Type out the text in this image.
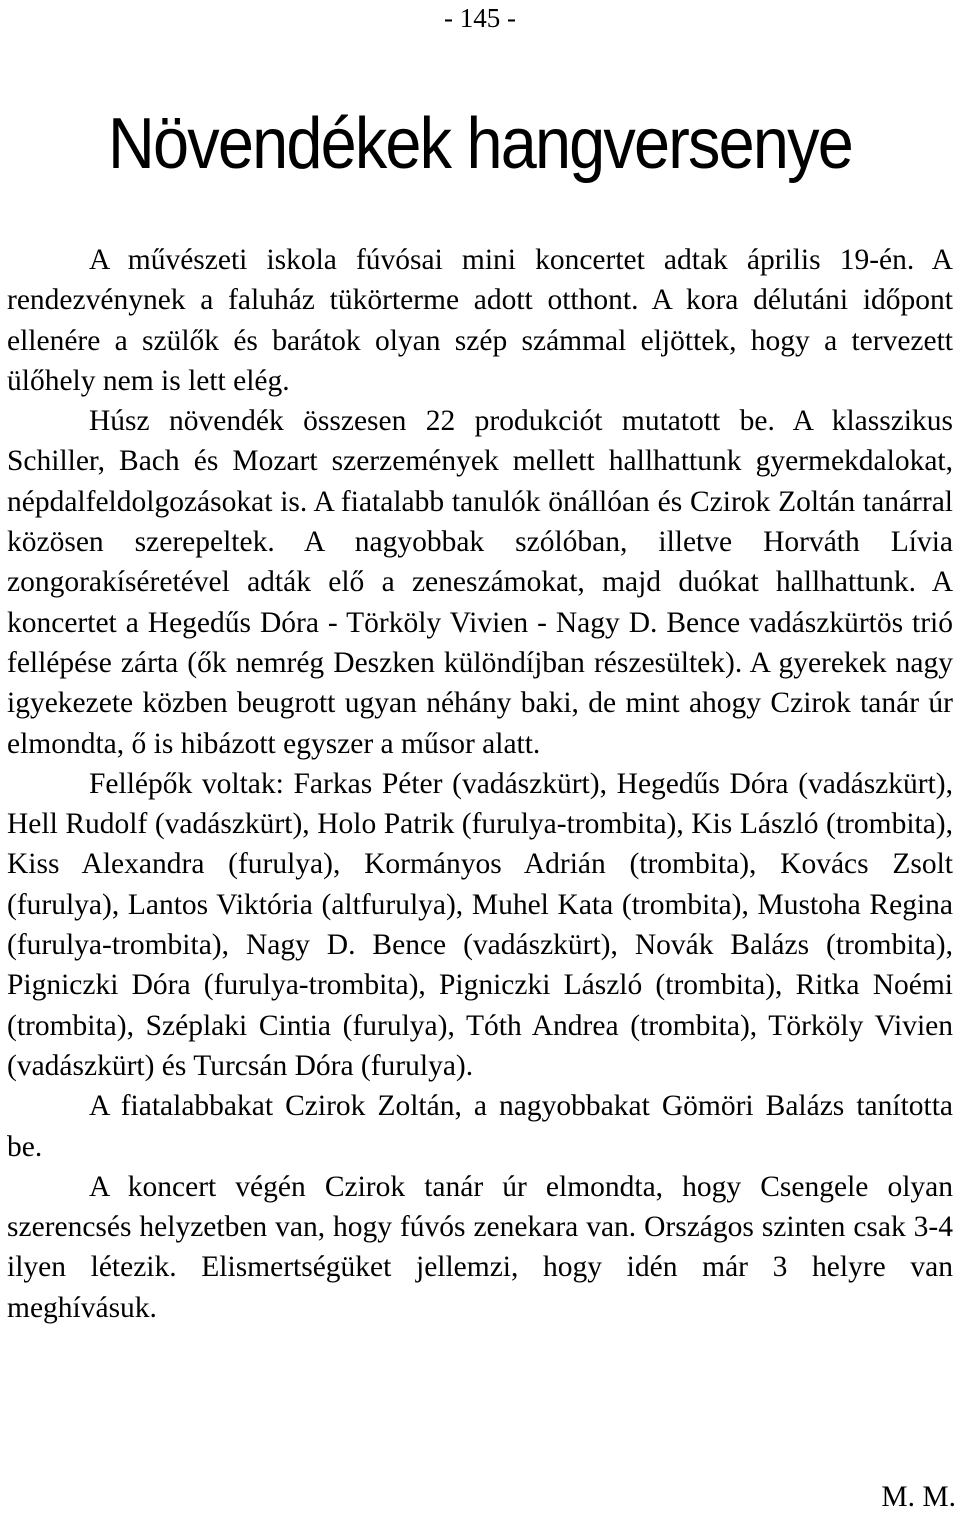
- 145 -
Növendékek hangversenye

A művészeti iskola fúvósai mini koncertet adtak április 19-én. A rendezvénynek a faluház tükörterme adott otthont. A kora délutáni időpont ellenére a szülők és barátok olyan szép számmal eljöttek, hogy a tervezett ülőhely nem is lett elég.

Húsz növendék összesen 22 produkciót mutatott be. A klasszikus Schiller, Bach és Mozart szerzemények mellett hallhattunk gyermekdalokat, népdalfeldolgozásokat is. A fiatalabb tanulók önállóan és Czirok Zoltán tanárral közösen szerepeltek. A nagyobbak szólóban, illetve Horváth Lívia zongorakíséretével adták elő a zeneszámokat, majd duókat hallhattunk. A koncertet a Hegedűs Dóra - Törköly Vivien - Nagy D. Bence vadászkürtös trió fellépése zárta (ők nemrég Deszken különdíjban részesültek). A gyerekek nagy igyekezete közben beugrott ugyan néhány baki, de mint ahogy Czirok tanár úr elmondta, ő is hibázott egyszer a műsor alatt.

Fellépők voltak: Farkas Péter (vadászkürt), Hegedűs Dóra (vadászkürt), Hell Rudolf (vadászkürt), Holo Patrik (furulya-trombita), Kis László (trombita), Kiss Alexandra (furulya), Kormányos Adrián (trombita), Kovács Zsolt (furulya), Lantos Viktória (altfurulya), Muhel Kata (trombita), Mustoha Regina (furulya-trombita), Nagy D. Bence (vadászkürt), Novák Balázs (trombita), Pigniczki Dóra (furulya-trombita), Pigniczki László (trombita), Ritka Noémi (trombita), Széplaki Cintia (furulya), Tóth Andrea (trombita), Törköly Vivien (vadászkürt) és Turcsán Dóra (furulya).

A fiatalabbakat Czirok Zoltán, a nagyobbakat Gömöri Balázs tanította be.

A koncert végén Czirok tanár úr elmondta, hogy Csengele olyan szerencsés helyzetben van, hogy fúvós zenekara van. Országos szinten csak 3-4 ilyen létezik. Elismertségüket jellemzi, hogy idén már 3 helyre van meghívásuk.

M. M.
